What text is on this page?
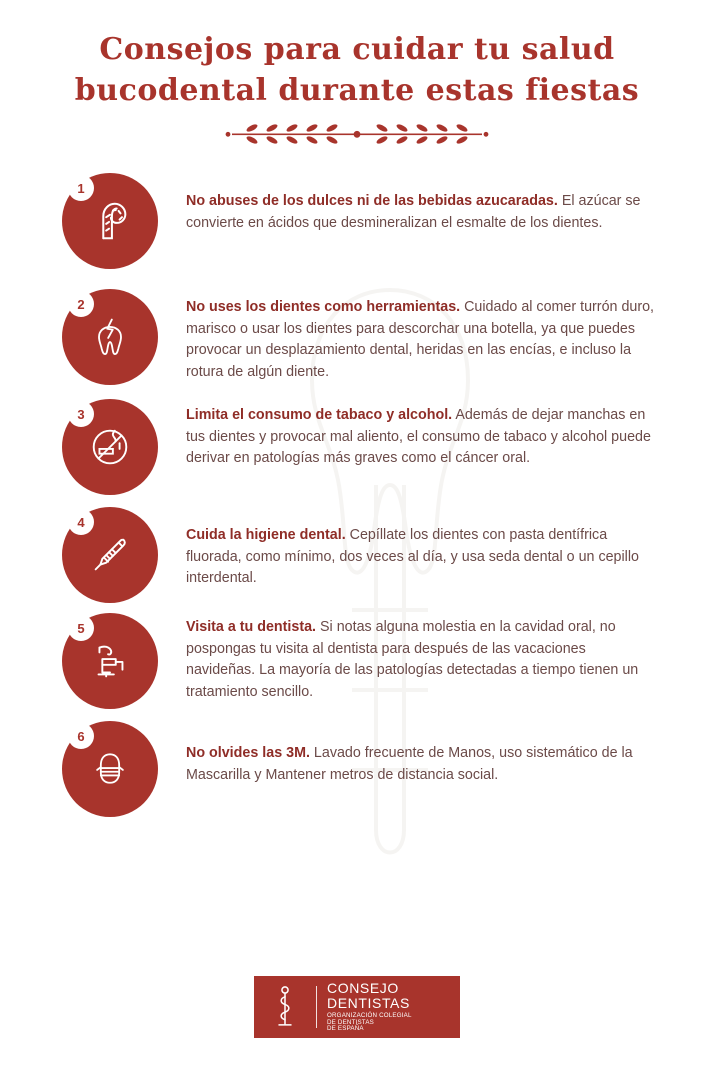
Consejos para cuidar tu salud
bucodental durante estas fiestas
1
No abuses de los dulces ni de las bebidas azucaradas. El azúcar se convierte en ácidos que desmineralizan el esmalte de los dientes.
2	No uses los dientes como herramientas. Cuidado al comer turrón duro, marisco o usar los dientes para descorchar una botella, ya que puedes provocar un desplazamiento dental, heridas en las encías, e incluso la rotura de algún diente.
3	Limita el consumo de tabaco y alcohol. Además de dejar manchas en tus dientes y provocar mal aliento, el consumo de tabaco y alcohol puede derivar en patologías más graves como el cáncer oral.
4
Cuida la higiene dental. Cepíllate los dientes con pasta dentífrica fluorada, como mínimo, dos veces al día, y usa seda dental o un cepillo interdental.
5	Visita a tu dentista. Si notas alguna molestia en la cavidad oral, no pospongas tu visita al dentista para después de las vacaciones navideñas. La mayoría de las patologías detectadas a tiempo tienen un tratamiento sencillo.
6
No olvides las 3M. Lavado frecuente de Manos, uso sistemático de la Mascarilla y Mantener metros de distancia social.
CONSEJO
DENTISTAS
ORGANIZACIÓN COLEGIAL
DE DENTISTAS
DE ESPAÑA
